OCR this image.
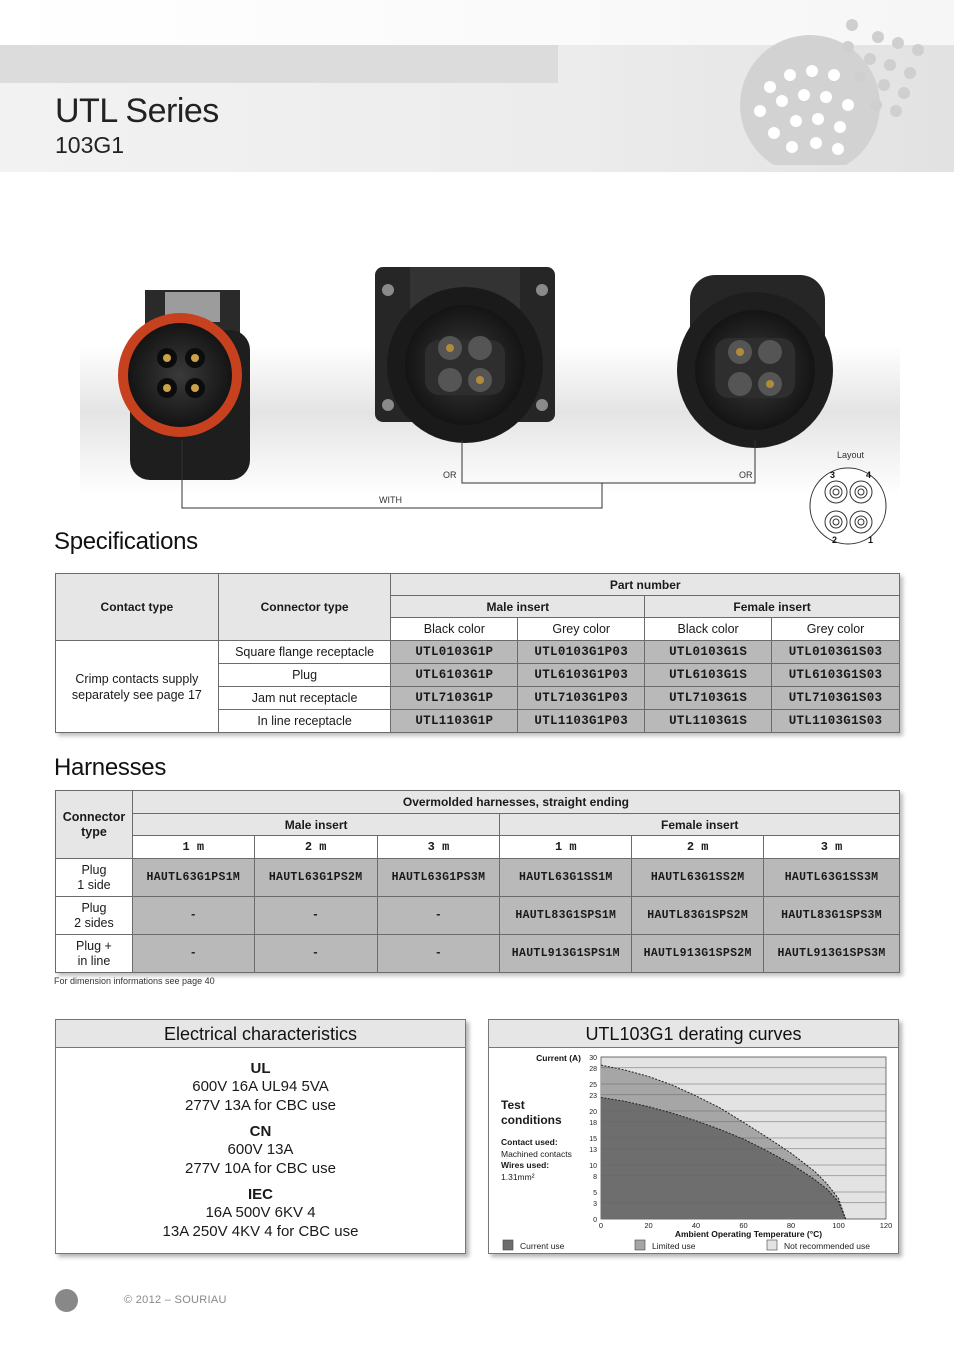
UTL Series
103G1
OR	OR
WITH
Layout
3	4
2	1
Specifications
Contact type	Connector type	Part number			
		Male insert		Female insert	
		Black color	Grey color	Black color	Grey color
Crimp contacts supply separately see page 17	Square flange receptacle	UTL0103G1P	UTL0103G1P03	UTL0103G1S	UTL0103G1S03
	Plug	UTL6103G1P	UTL6103G1P03	UTL6103G1S	UTL6103G1S03
	Jam nut receptacle	UTL7103G1P	UTL7103G1P03	UTL7103G1S	UTL7103G1S03
	In line receptacle	UTL1103G1P	UTL1103G1P03	UTL1103G1S	UTL1103G1S03
Harnesses
Connector type	Overmolded harnesses, straight ending					
	Male insert			Female insert		
	1 m	2 m	3 m	1 m	2 m	3 m
Plug
1 side	HAUTL63G1PS1M	HAUTL63G1PS2M	HAUTL63G1PS3M	HAUTL63G1SS1M	HAUTL63G1SS2M	HAUTL63G1SS3M
Plug
2 sides	-	-	-	HAUTL83G1SPS1M	HAUTL83G1SPS2M	HAUTL83G1SPS3M
Plug +
in line	-	-	-	HAUTL913G1SPS1M	HAUTL913G1SPS2M	HAUTL913G1SPS3M
For dimension informations see page 40
Electrical characteristics
UL
600V 16A UL94 5VA
277V 13A for CBC use
CN
600V 13A
277V 10A for CBC use
IEC
16A 500V 6KV 4
13A 250V 4KV 4 for CBC use
UTL103G1 derating curves
Test conditions
Contact used:
Machined contacts
Wires used:
1.31mm²
0
3
5
8
10
13
15
18
20
23
25
28
30
0	20	40	60	80	100	120
Current (A)
Ambient Operating Temperature (°C)
Current use	Limited use	Not recommended use
© 2012 – SOURIAU
